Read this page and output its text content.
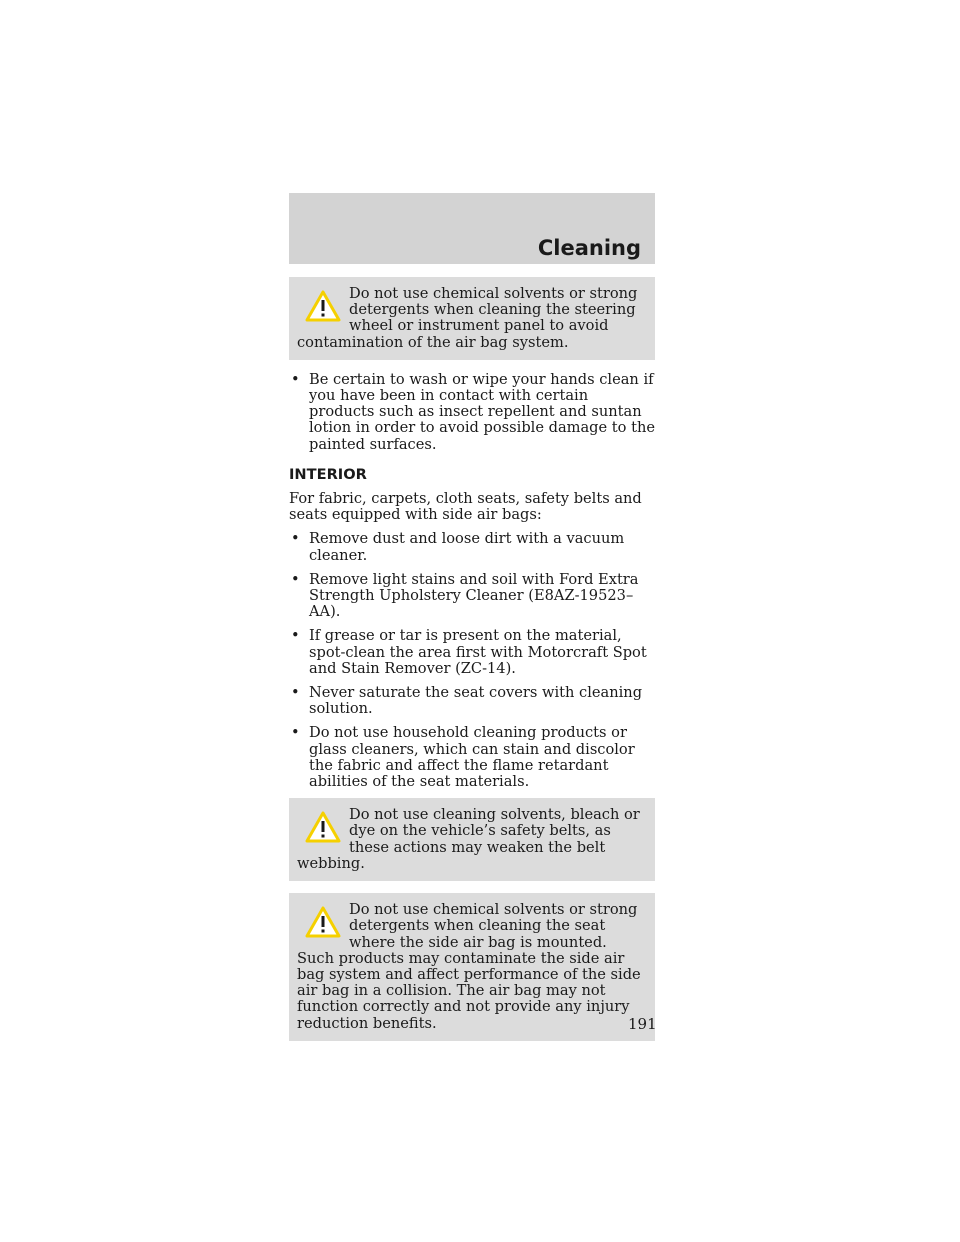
Cleaning
Do not use chemical solvents or strong detergents when cleaning the steering wheel or instrument panel to avoid contamination of the air bag system.
• Be certain to wash or wipe your hands clean if you have been in contact with certain products such as insect repellent and suntan lotion in order to avoid possible damage to the painted surfaces.
INTERIOR

For fabric, carpets, cloth seats, safety belts and seats equipped with side air bags:

• Remove dust and loose dirt with a vacuum cleaner.
• Remove light stains and soil with Ford Extra Strength Upholstery Cleaner (E8AZ-19523–AA).
• If grease or tar is present on the material, spot-clean the area first with Motorcraft Spot and Stain Remover (ZC-14).
• Never saturate the seat covers with cleaning solution.
• Do not use household cleaning products or glass cleaners, which can stain and discolor the fabric and affect the flame retardant abilities of the seat materials.
Do not use cleaning solvents, bleach or dye on the vehicle’s safety belts, as these actions may weaken the belt webbing.
Do not use chemical solvents or strong detergents when cleaning the seat where the side air bag is mounted. Such products may contaminate the side air bag system and affect performance of the side air bag in a collision. The air bag may not function correctly and not provide any injury reduction benefits.	191
